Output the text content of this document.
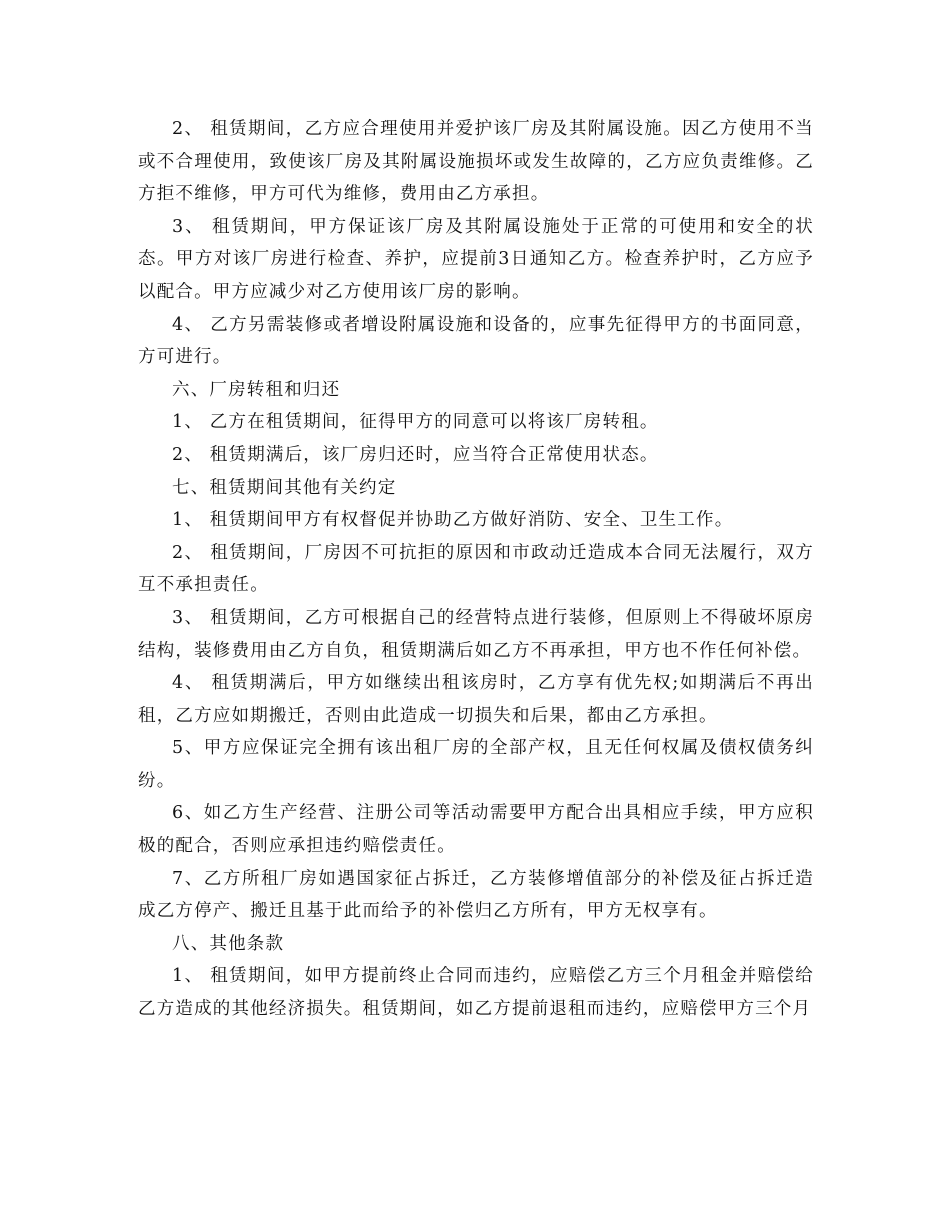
2、 租赁期间，乙方应合理使用并爱护该厂房及其附属设施。因乙方使用不当或不合理使用，致使该厂房及其附属设施损坏或发生故障的，乙方应负责维修。乙方拒不维修，甲方可代为维修，费用由乙方承担。

3、 租赁期间，甲方保证该厂房及其附属设施处于正常的可使用和安全的状态。甲方对该厂房进行检查、养护，应提前3日通知乙方。检查养护时，乙方应予以配合。甲方应减少对乙方使用该厂房的影响。

4、 乙方另需装修或者增设附属设施和设备的，应事先征得甲方的书面同意，方可进行。

六、厂房转租和归还

1、 乙方在租赁期间，征得甲方的同意可以将该厂房转租。

2、 租赁期满后，该厂房归还时，应当符合正常使用状态。

七、租赁期间其他有关约定

1、 租赁期间甲方有权督促并协助乙方做好消防、安全、卫生工作。

2、 租赁期间，厂房因不可抗拒的原因和市政动迁造成本合同无法履行，双方互不承担责任。

3、 租赁期间，乙方可根据自己的经营特点进行装修，但原则上不得破坏原房结构，装修费用由乙方自负，租赁期满后如乙方不再承担，甲方也不作任何补偿。

4、 租赁期满后，甲方如继续出租该房时，乙方享有优先权;如期满后不再出租，乙方应如期搬迁，否则由此造成一切损失和后果，都由乙方承担。

5、甲方应保证完全拥有该出租厂房的全部产权，且无任何权属及债权债务纠纷。

6、如乙方生产经营、注册公司等活动需要甲方配合出具相应手续，甲方应积极的配合，否则应承担违约赔偿责任。

7、乙方所租厂房如遇国家征占拆迁，乙方装修增值部分的补偿及征占拆迁造成乙方停产、搬迁且基于此而给予的补偿归乙方所有，甲方无权享有。

八、其他条款

1、 租赁期间，如甲方提前终止合同而违约，应赔偿乙方三个月租金并赔偿给乙方造成的其他经济损失。租赁期间，如乙方提前退租而违约，应赔偿甲方三个月
